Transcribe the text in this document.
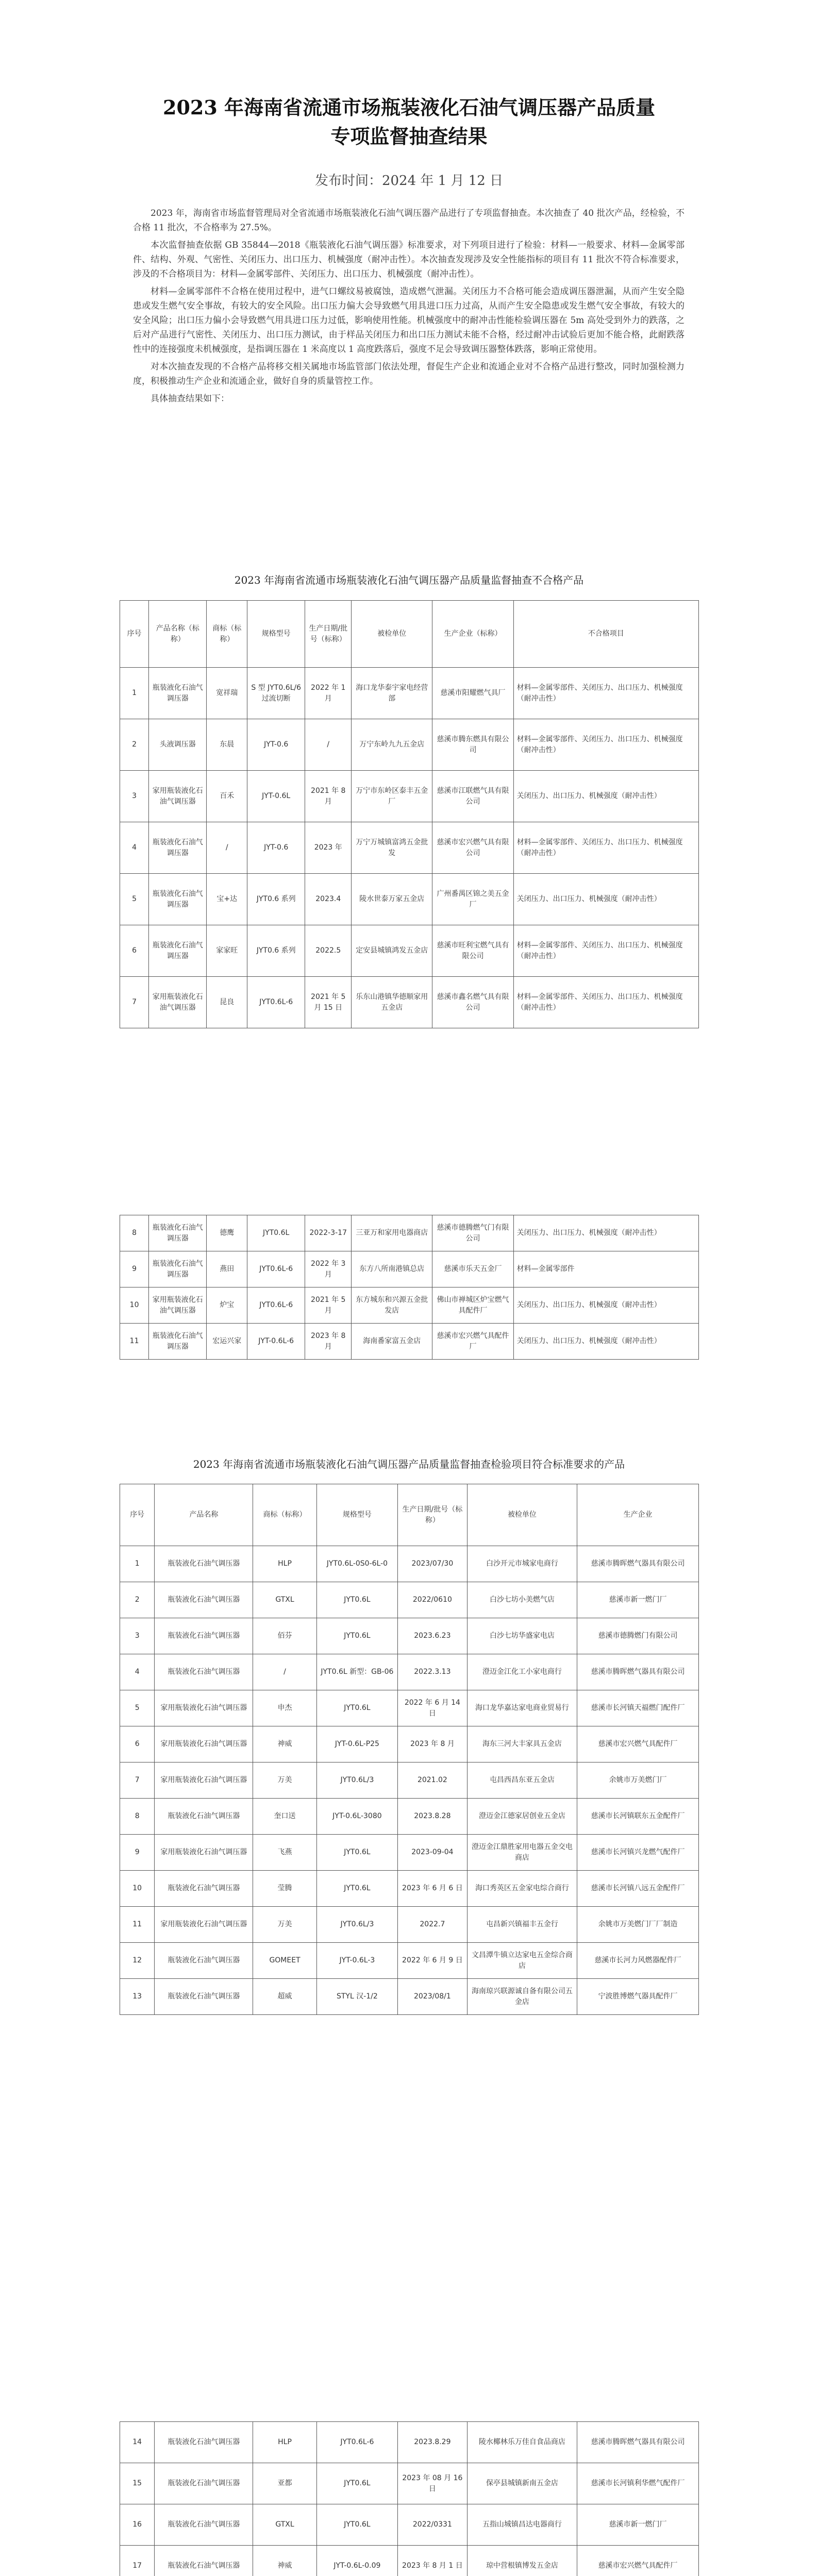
2023 年海南省流通市场瓶装液化石油气调压器产品质量
专项监督抽查结果
发布时间：2024 年 1 月 12 日

2023 年，海南省市场监督管理局对全省流通市场瓶装液化石油气调压器产品进行了专项监督抽查。本次抽查了 40 批次产品，经检验，不合格 11 批次，不合格率为 27.5%。

本次监督抽查依据 GB 35844—2018《瓶装液化石油气调压器》标准要求，对下列项目进行了检验：材料—一般要求、材料—金属零部件、结构、外观、气密性、关闭压力、出口压力、机械强度（耐冲击性）。本次抽查发现涉及安全性能指标的项目有 11 批次不符合标准要求，涉及的不合格项目为：材料—金属零部件、关闭压力、出口压力、机械强度（耐冲击性）。

材料—金属零部件不合格在使用过程中，进气口螺纹易被腐蚀，造成燃气泄漏。关闭压力不合格可能会造成调压器泄漏，从而产生安全隐患或发生燃气安全事故，有较大的安全风险。出口压力偏大会导致燃气用具进口压力过高，从而产生安全隐患或发生燃气安全事故，有较大的安全风险；出口压力偏小会导致燃气用具进口压力过低，影响使用性能。机械强度中的耐冲击性能检验调压器在 5m 高处受到外力的跌落，之后对产品进行气密性、关闭压力、出口压力测试，由于样品关闭压力和出口压力测试未能不合格，经过耐冲击试验后更加不能合格，此耐跌落性中的连接强度未机械强度，是指调压器在 1 米高度以 1 高度跌落后，强度不足会导致调压器整体跌落，影响正常使用。

对本次抽查发现的不合格产品将移交相关属地市场监管部门依法处理，督促生产企业和流通企业对不合格产品进行整改，同时加强检测力度，积极推动生产企业和流通企业，做好自身的质量管控工作。

具体抽查结果如下：

2023 年海南省流通市场瓶装液化石油气调压器产品质量监督抽查不合格产品
序号	产品名称（标称）	商标（标称）	规格型号	生产日期/批号（标称）	被检单位	生产企业（标称）	不合格项目
1	瓶装液化石油气调压器	宽祥瑞	S 型 JYT0.6L/6 过流切断	2022 年 1 月	海口龙华泰宇家电经营部	慈溪市阳耀燃气具厂	材料—金属零部件、关闭压力、出口压力、机械强度（耐冲击性）
2	头液调压器	东晨	JYT-0.6	/	万宁东岭九九五金店	慈溪市腾东燃具有限公司	材料—金属零部件、关闭压力、出口压力、机械强度（耐冲击性）
3	家用瓶装液化石油气调压器	百禾	JYT-0.6L	2021 年 8 月	万宁市东岭区泰丰五金厂	慈溪市江联燃气具有限公司	关闭压力、出口压力、机械强度（耐冲击性）
4	瓶装液化石油气调压器	/	JYT-0.6	2023 年	万宁万城镇富鸿五金批发	慈溪市宏兴燃气具有限公司	材料—金属零部件、关闭压力、出口压力、机械强度（耐冲击性）
5	瓶装液化石油气调压器	宝+达	JYT0.6 系列	2023.4	陵水世泰万家五金店	广州番禺区锦之美五金厂	关闭压力、出口压力、机械强度（耐冲击性）
6	瓶装液化石油气调压器	家家旺	JYT0.6 系列	2022.5	定安县城镇鸿发五金店	慈溪市旺利宝燃气具有限公司	材料—金属零部件、关闭压力、出口压力、机械强度（耐冲击性）
7	家用瓶装液化石油气调压器	昆良	JYT0.6L-6	2021 年 5 月 15 日	乐东山港镇华德顺家用五金店	慈溪市鑫名燃气具有限公司	材料—金属零部件、关闭压力、出口压力、机械强度（耐冲击性）
8	瓶装液化石油气调压器	德鹰	JYT0.6L	2022-3-17	三亚万和家用电器商店	慈溪市德腾燃气门有限公司	关闭压力、出口压力、机械强度（耐冲击性）
9	瓶装液化石油气调压器	燕田	JYT0.6L-6	2022 年 3 月	东方八所南港镇总店	慈溪市乐天五金厂	材料—金属零部件
10	家用瓶装液化石油气调压器	炉宝	JYT0.6L-6	2021 年 5 月	东方城东和兴源五金批发店	佛山市禅城区炉宝燃气具配件厂	关闭压力、出口压力、机械强度（耐冲击性）
11	瓶装液化石油气调压器	宏运兴家	JYT-0.6L-6	2023 年 8 月	海南番家富五金店	慈溪市宏兴燃气具配件厂	关闭压力、出口压力、机械强度（耐冲击性）
2023 年海南省流通市场瓶装液化石油气调压器产品质量监督抽查检验项目符合标准要求的产品
序号	产品名称	商标（标称）	规格型号	生产日期/批号（标称）	被检单位	生产企业
1	瓶装液化石油气调压器	HLP	JYT0.6L-0S0-6L-0	2023/07/30	白沙开元市城家电商行	慈溪市腾晖燃气器具有限公司
2	瓶装液化石油气调压器	GTXL	JYT0.6L	2022/0610	白沙七坊小美燃气店	慈溪市新一燃门厂
3	瓶装液化石油气调压器	佰芬	JYT0.6L	2023.6.23	白沙七坊华盛家电店	慈溪市德腾燃门有限公司
4	瓶装液化石油气调压器	/	JYT0.6L 新型：GB-06	2022.3.13	澄迈金江化工小家电商行	慈溪市腾晖燃气器具有限公司
5	家用瓶装液化石油气调压器	申杰	JYT0.6L	2022 年 6 月 14 日	海口龙华嘉达家电商业贸易行	慈溪市长河镇天福燃门配件厂
6	家用瓶装液化石油气调压器	神威	JYT-0.6L-P25	2023 年 8 月	海东三河大丰家具五金店	慈溪市宏兴燃气具配件厂
7	家用瓶装液化石油气调压器	万美	JYT0.6L/3	2021.02	屯昌西昌东亚五金店	余姚市万美燃门厂
8	瓶装液化石油气调压器	奎口送	JYT-0.6L-3080	2023.8.28	澄迈金江德家居创业五金店	慈溪市长河镇联东五金配件厂
9	家用瓶装液化石油气调压器	飞燕	JYT0.6L	2023-09-04	澄迈金江鼎胜家用电器五金交电商店	慈溪市长河镇兴龙燃气配件厂
10	瓶装液化石油气调压器	莹腾	JYT0.6L	2023 年 6 月 6 日	海口秀英区五金家电综合商行	慈溪市长河镇八远五金配件厂
11	家用瓶装液化石油气调压器	万美	JYT0.6L/3	2022.7	屯昌新兴镇福丰五金行	余姚市万美燃门厂厂制造
12	瓶装液化石油气调压器	GOMEET	JYT-0.6L-3	2022 年 6 月 9 日	文昌潭牛镇立达家电五金综合商店	慈溪市长河力风燃器配件厂
13	瓶装液化石油气调压器	超威	STYL 汉-1/2	2023/08/1	海南琼兴联源诚自备有限公司五金店	宁波胜博燃气器具配件厂
14	瓶装液化石油气调压器	HLP	JYT0.6L-6	2023.8.29	陵水椰林乐万佳自食品商店	慈溪市腾晖燃气器具有限公司
15	瓶装液化石油气调压器	亚都	JYT0.6L	2023 年 08 月 16 日	保亭县城镇新南五金店	慈溪市长河镇利华燃气配件厂
16	瓶装液化石油气调压器	GTXL	JYT0.6L	2022/0331	五指山城镇昌达电器商行	慈溪市新一燃门厂
17	瓶装液化石油气调压器	神威	JYT-0.6L-0.09	2023 年 8 月 1 日	琼中营根镇博发五金店	慈溪市宏兴燃气具配件厂
